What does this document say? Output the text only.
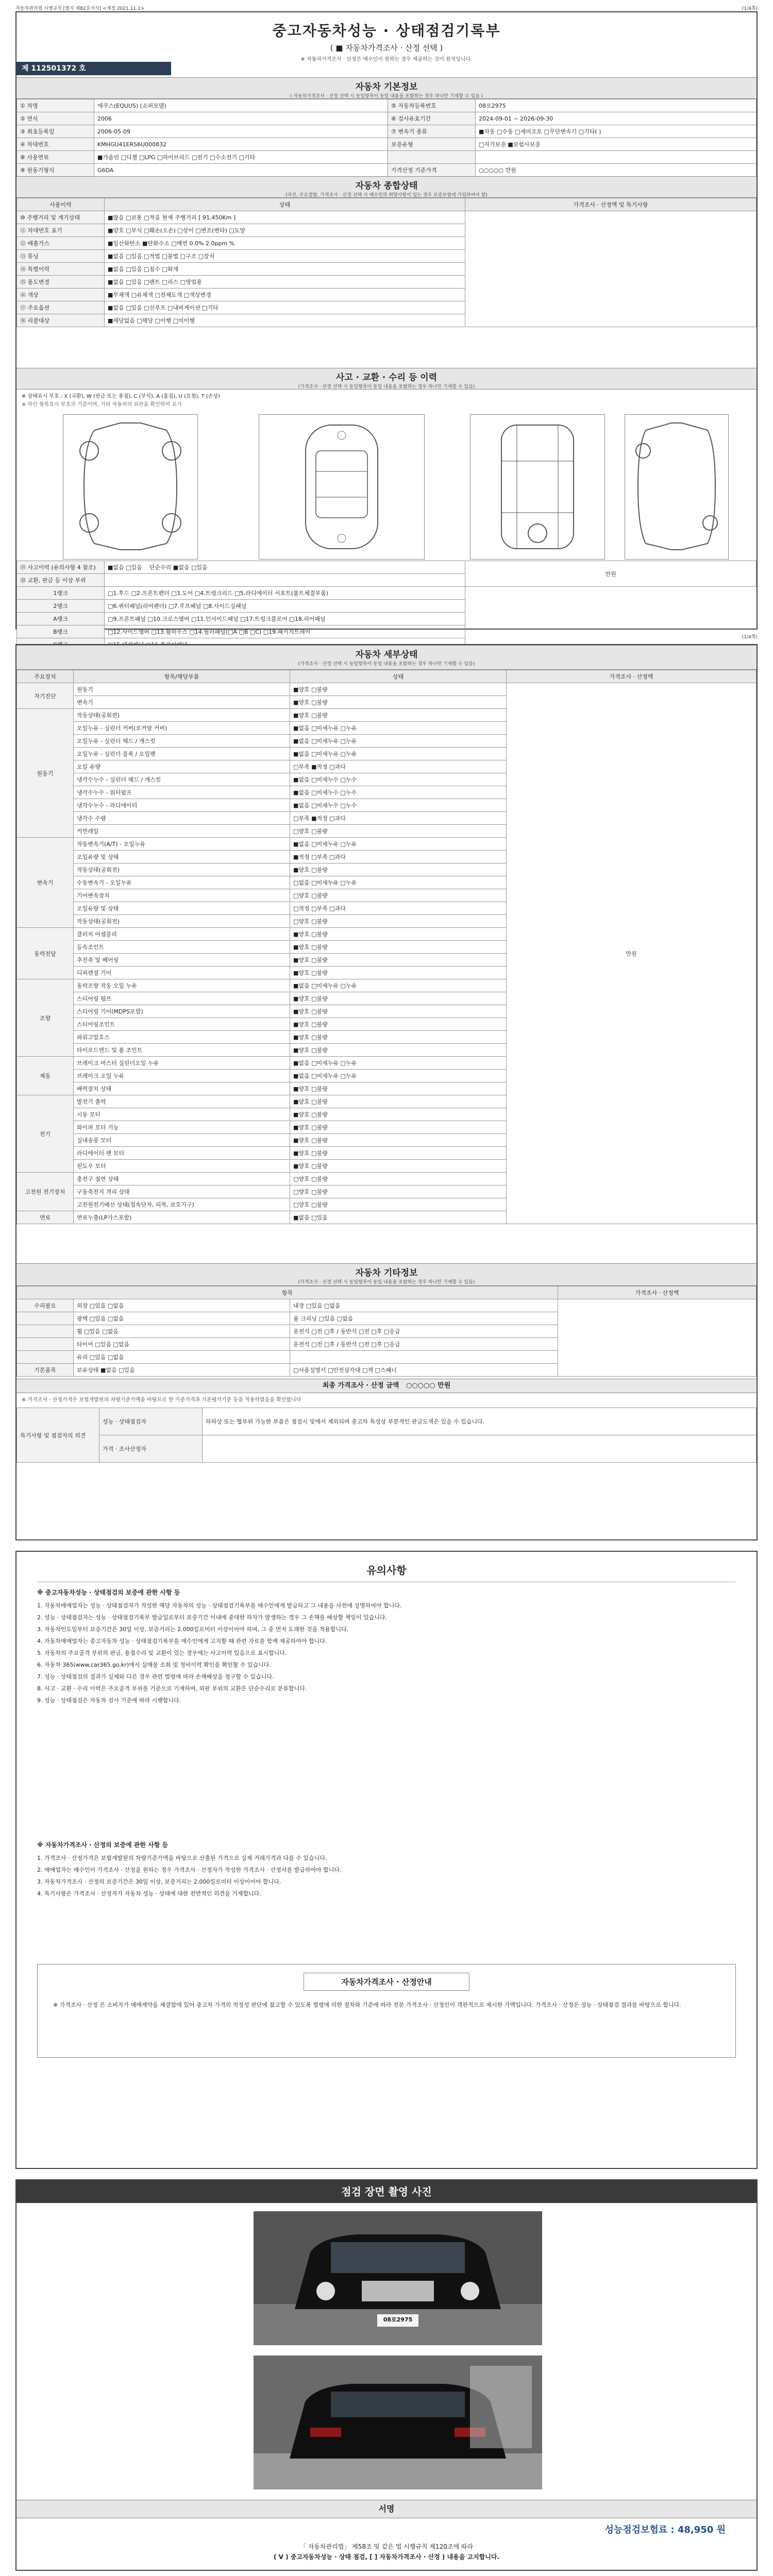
자동차관리법 시행규칙 [별지 제82호서식] <개정 2021.11.1>	(1/4쪽)
중고자동차성능 · 상태점검기록부
( ■ 자동차가격조사 · 산정 선택 )
※ 자동차가격조사 · 산정은 매수인이 원하는 경우 제공하는 것이 원칙입니다.
제 112501372 호
자동차 기본정보
( 자동차가격조사 · 산정 선택 시 동일항목이 동일 내용을 포함하는 경우 하나만 기재할 수 있음 )
① 차명	에쿠스(EQUUS) (쇼퍼모델)	⑤ 자동차등록번호	08로2975
② 연식	2006	⑥ 검사유효기간	2024-09-01 ~ 2026-09-30
③ 최초등록일	2006-05-09	⑦ 변속기 종류	■자동 □수동 □세미오토 □무단변속기 □기타( )
④ 차대번호	KMHGU41ERS6U000832	보증유형	□자가보증 ■보험사보증
⑧ 사용연료	■가솔린 □디젤 □LPG □하이브리드 □전기 □수소전기 □기타		
⑨ 원동기형식	G6DA	가격산정 기준가격	○○○○○ 만원
자동차 종합상태
(국산, 주요결함, 가격조사 · 산정 선택 시 매수인의 희망사항이 있는 경우 보증보험에 가입하여야 함)
사용이력	상태	가격조사 · 산정액 및 특기사항
⑩ 주행거리 및 계기상태	■많음 □보통 □적음 현재 주행거리 [ 91,450Km ]	
⑪ 차대번호 표기	■양호 □부식 □훼손(오손) □상이 □변조(변타) □도말	
⑫ 배출가스	■일산화탄소 ■탄화수소 □매연 0.0% 2.0ppm %	
⑬ 튜닝	■없음 □있음 □적법 □불법 □구조 □장치	
⑭ 특별이력	■없음 □있음 □침수 □화재	
⑮ 용도변경	■없음 □있음 □렌트 □리스 □영업용	
⑯ 색상	■무채색 □유채색 □전체도색 □색상변경	
⑰ 주요옵션	■없음 □있음 □선루프 □내비게이션 □기타	
⑱ 리콜대상	■해당없음 □해당 □이행 □미이행	
사고 · 교환 · 수리 등 이력
(가격조사 · 산정 선택 시 동일항목이 동일 내용을 포함하는 경우 하나만 기재할 수 있음)
※ 상태표시 부호 : X (교환), W (판금 또는 용접), C (부식), A (흠집), U (요철), T (손상)
※ 하단 항목표시 부호의 기준이며, 기타 자동차의 외관을 확인하여 표기
⑲ 사고이력 (유의사항 4 참조)	■없음 □있음 단순수리 ■없음 □있음	만원
⑳ 교환, 판금 등 이상 부위		
1랭크	□1.후드 □2.프론트펜더 □3.도어 □4.트렁크리드 □5.라디에이터 서포트(볼트체결부품)	
2랭크	□6.쿼터패널(리어펜더) □7.루프패널 □8.사이드실패널	
A랭크	□9.프론트패널 □10.크로스멤버 □11.인사이드패널 □17.트렁크플로어 □18.리어패널	
B랭크	□12.사이드멤버 □13.휠하우스 □14.필러패널(□A □B □C) □19.패키지트레이	

(1/4쪽)
자동차 세부상태
(가격조사 · 산정 선택 시 동일항목이 동일 내용을 포함하는 경우 하나만 기재할 수 있음)
주요장치	항목/해당부품	상태	가격조사 · 산정액
자기진단	원동기	■양호 □불량	만원
	변속기	■양호 □불량	
원동기	작동상태(공회전)	■양호 □불량	
	오일누유 - 실린더 커버(로커암 커버)	■없음 □미세누유 □누유	
	오일누유 - 실린더 헤드 / 개스킷	■없음 □미세누유 □누유	
	오일누유 - 실린더 블록 / 오일팬	■없음 □미세누유 □누유	
	오일 유량	□부족 ■적정 □과다	
	냉각수누수 - 실린더 헤드 / 개스킷	■없음 □미세누수 □누수	
	냉각수누수 - 워터펌프	■없음 □미세누수 □누수	
	냉각수누수 - 라디에이터	■없음 □미세누수 □누수	
	냉각수 수량	□부족 ■적정 □과다	
	커먼레일	□양호 □불량	
변속기	자동변속기(A/T) - 오일누유	■없음 □미세누유 □누유	
	오일유량 및 상태	■적정 □부족 □과다	
	작동상태(공회전)	■양호 □불량	
	수동변속기 - 오일누유	□없음 □미세누유 □누유	
	기어변속장치	□양호 □불량	
	오일유량 및 상태	□적정 □부족 □과다	
	작동상태(공회전)	□양호 □불량	
동력전달	클러치 어셈블리	■양호 □불량	
	등속조인트	■양호 □불량	
	추진축 및 베어링	■양호 □불량	
	디퍼렌셜 기어	■양호 □불량	
조향	동력조향 작동 오일 누유	■없음 □미세누유 □누유	
	스티어링 펌프	■양호 □불량	
	스티어링 기어(MDPS포함)	■양호 □불량	
	스티어링조인트	■양호 □불량	
	파워고압호스	■양호 □불량	
	타이로드엔드 및 볼 조인트	■양호 □불량	
제동	브레이크 마스터 실린더오일 누유	■없음 □미세누유 □누유	
	브레이크 오일 누유	■없음 □미세누유 □누유	
	배력장치 상태	■양호 □불량	
전기	발전기 출력	■양호 □불량	
	시동 모터	■양호 □불량	
	와이퍼 모터 기능	■양호 □불량	
	실내송풍 모터	■양호 □불량	
	라디에이터 팬 모터	■양호 □불량	
	윈도우 모터	■양호 □불량	
고전원 전기장치	충전구 절연 상태	□양호 □불량	
	구동축전지 격리 상태	□양호 □불량	
	고전원전기배선 상태(접속단자, 피복, 보호기구)	□양호 □불량	
연료	연료누출(LP가스포함)	■없음 □있음	
자동차 기타정보
(가격조사 · 산정 선택 시 동일항목이 동일 내용을 포함하는 경우 하나만 기재할 수 있음)
항목			가격조사 · 산정액
수리필요	외장 □있음 □없음	내장 □있음 □없음	
	광택 □있음 □없음	룸 크리닝 □있음 □없음	
	휠 □있음 □없음	운전석 □전 □후 / 동반석 □전 □후 □응급	
	타이어 □있음 □없음	운전석 □전 □후 / 동반석 □전 □후 □응급	
	유리 □있음 □없음		
기본품목	보유상태 ■없음 □있음	□사용설명서 □안전삼각대 □잭 □스패너	
최종 가격조사 · 산정 금액 ○○○○○ 만원
※ 가격조사 · 산정가격은 보험개발원의 차량기준가액을 바탕으로 한 기준가격과 기본평가기준 등을 적용하였음을 확인합니다
특기사항 및 점검자의 의견	성능 · 상태점검자	하하상 또는 협부위 가능한 부품은 점검시 및에서 제외되며 중고차 특성상 부분적인 판금도색은 있을 수 있습니다.
	가격 · 조사산정자	
유의사항
※ 중고자동차성능 · 상태점검의 보증에 관한 사항 등

1. 자동차매매업자는 성능 · 상태점검자가 작성한 해당 자동차의 성능 · 상태점검기록부를 매수인에게 발급하고 그 내용을 사전에 설명하여야 합니다.

2. 성능 · 상태점검자는 성능 · 상태점검기록부 발급일로부터 보증기간 이내에 중대한 하자가 발생하는 경우 그 손해를 배상할 책임이 있습니다.

3. 자동차인도일부터 보증기간은 30일 이상, 보증거리는 2,000킬로미터 이상이어야 하며, 그 중 먼저 도래한 것을 적용합니다.

4. 자동차매매업자는 중고자동차 성능 · 상태점검기록부를 매수인에게 고지할 때 관련 자료를 함께 제공하여야 합니다.

5. 자동차의 주요골격 부위의 판금, 용접수리 및 교환이 있는 경우에는 사고이력 있음으로 표시합니다.

6. 자동차 365(www.car365.go.kr)에서 실매물 조회 및 정비이력 확인을 확인할 수 있습니다.

7. 성능 · 상태점검의 결과가 실제와 다른 경우 관련 법령에 따라 손해배상을 청구할 수 있습니다.

8. 사고 · 교환 · 수리 이력은 주요골격 부위를 기준으로 기재하며, 외판 부위의 교환은 단순수리로 분류합니다.

9. 성능 · 상태점검은 자동차 검사 기준에 따라 시행합니다.

※ 자동차가격조사 · 산정의 보증에 관한 사항 등

1. 가격조사 · 산정가격은 보험개발원의 차량기준가액을 바탕으로 산출된 가격으로 실제 거래가격과 다를 수 있습니다.

2. 매매업자는 매수인이 가격조사 · 산정을 원하는 경우 가격조사 · 산정자가 작성한 가격조사 · 산정서를 발급하여야 합니다.

3. 자동차가격조사 · 산정의 보증기간은 30일 이상, 보증거리는 2,000킬로미터 이상이어야 합니다.

4. 특기사항은 가격조사 · 산정자가 자동차 성능 · 상태에 대한 전반적인 의견을 기재합니다.

자동차가격조사 · 산정안내
※ 가격조사 · 산정 은 소비자가 매매계약을 체결함에 있어 중고차 가격의 적정성 판단에 참고할 수 있도록 법령에 의한 절차와 기준에 따라 전문 가격조사 · 산정인이 객관적으로 제시한 가액입니다. 가격조사 · 산정은 성능 · 상태점검 결과를 바탕으로 합니다.
점검 장면 촬영 사진
08로2975
서명
성능점검보험료 : 48,950 원
「 자동차관리법」 제58조 및 같은 법 시행규칙 제120조에 따라
( Ⅴ ) 중고자동차성능 · 상태 점검, [ ] 자동차가격조사 · 산정 ) 내용을 고지합니다.
